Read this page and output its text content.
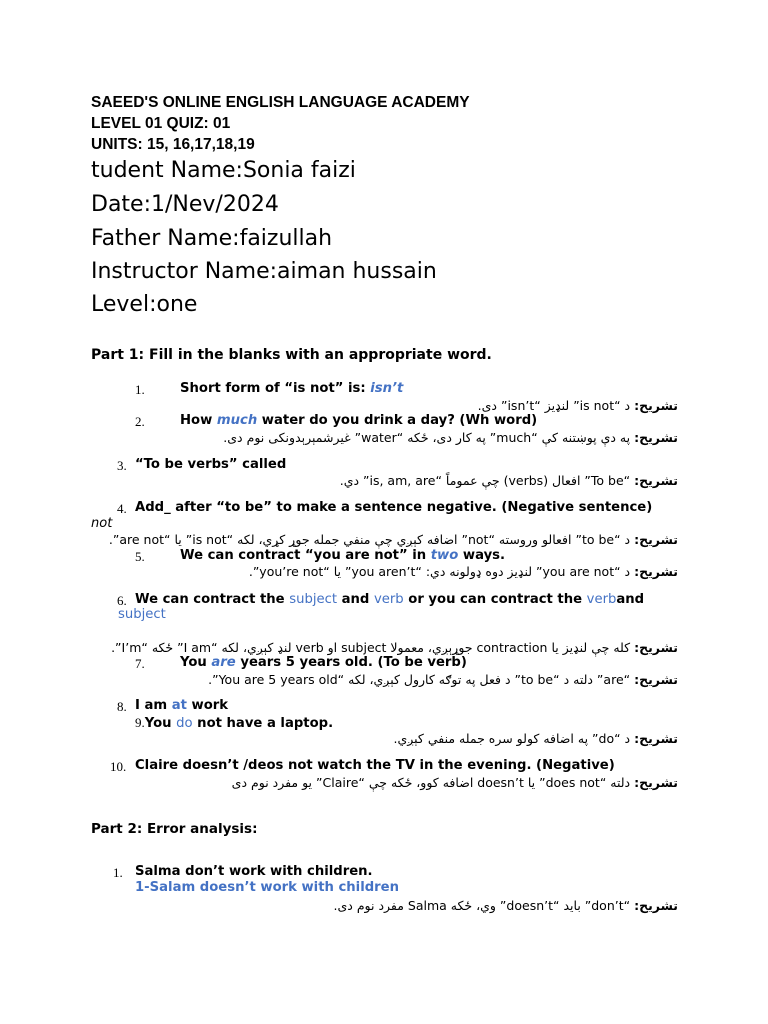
SAEED'S ONLINE ENGLISH LANGUAGE ACADEMY
LEVEL 01 QUIZ: 01
UNITS: 15, 16,17,18,19
tudent Name:Sonia faizi
Date:1/Nev/2024
Father Name:faizullah
Instructor Name:aiman hussain
Level:one
Part 1: Fill in the blanks with an appropriate word.
1.	Short form of “is not” is: isn’t
تشریح: د “is not” لنډیز “isn’t” دی.
2.	How much water do you drink a day? (Wh word)
تشریح: په دې پوښتنه کې “much” په کار دی، ځکه “water” غیرشمېرېدونکی نوم دی.
3. “To be verbs” called
تشریح: “To be” افعال (verbs) چې عموماً “is, am, are” دي.
4. Add_ after “to be” to make a sentence negative. (Negative sentence)
not
تشریح: د “to be” افعالو وروسته “not” اضافه کېږي چې منفي جمله جوړ کړي، لکه “is not” یا “are not”.
5.	We can contract “you are not” in two ways.
تشریح: د “you are not” لنډیز دوه ډولونه دي: “you aren’t” یا “you’re not”.
6. We can contract the subject and verb or you can contract the verband
subject
تشریح: کله چې لنډیز یا contraction جوړېږي، معمولا subject او verb لنډ کېږي، لکه “I am” ځکه “I’m”.
7.	You are years 5 years old. (To be verb)
تشریح: “are” دلته د “to be” د فعل په توګه کارول کېږي، لکه “You are 5 years old”.
8. I am at work
9.You do not have a laptop.
تشریح: د “do” په اضافه کولو سره جمله منفي کېږي.
10. Claire doesn’t /deos not watch the TV in the evening. (Negative)
تشریح: دلته “does not” یا doesn’t اضافه کوو، ځکه چې “Claire” یو مفرد نوم دی
Part 2: Error analysis:
1. Salma don’t work with children.
1-Salam doesn’t work with children
تشریح: “don’t” باید “doesn’t” وي، ځکه Salma مفرد نوم دی.
